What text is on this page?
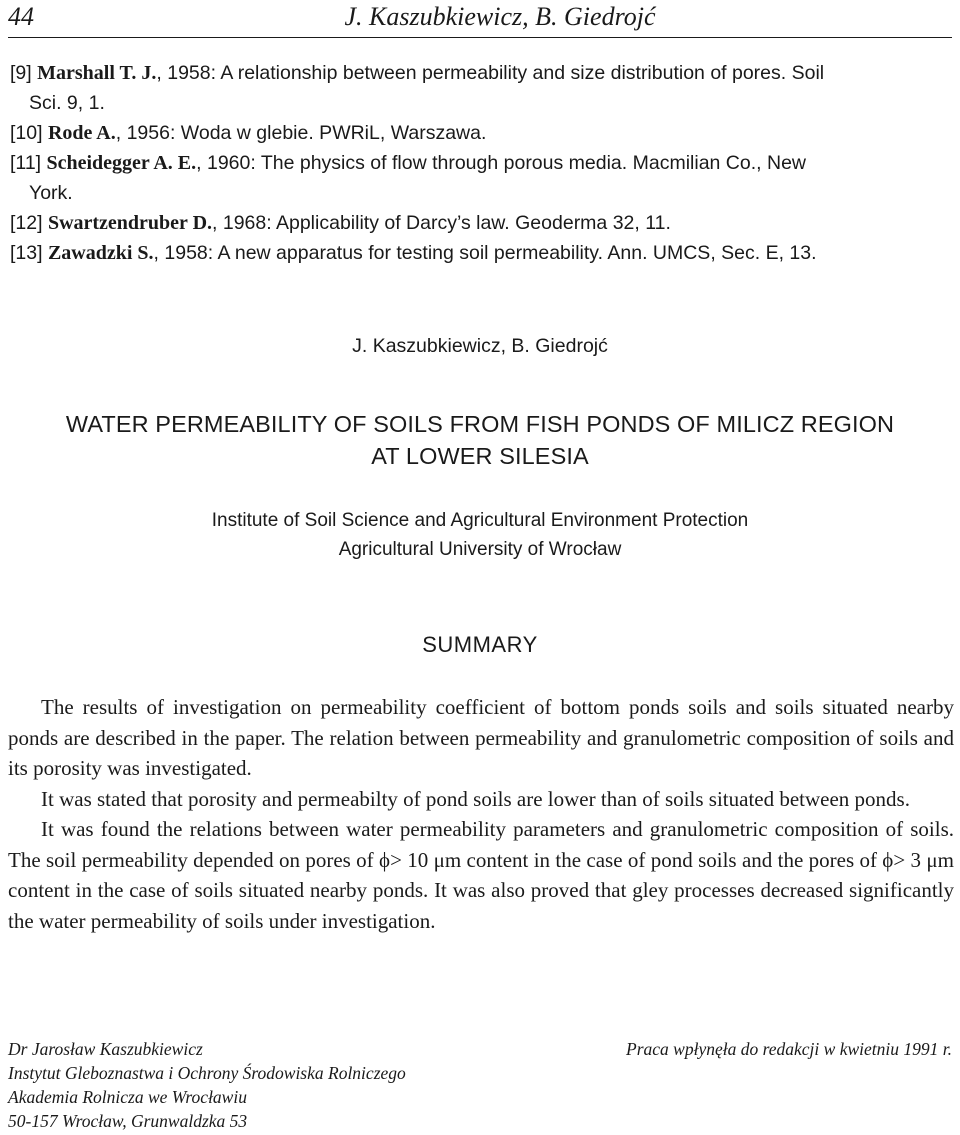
44	J. Kaszubkiewicz, B. Giedrojć
[9] Marshall T. J., 1958: A relationship between permeability and size distribution of pores. Soil
Sci. 9, 1.
[10] Rode A., 1956: Woda w glebie. PWRiL, Warszawa.
[11] Scheidegger A. E., 1960: The physics of flow through porous media. Macmilian Co., New
York.
[12] Swartzendruber D., 1968: Applicability of Darcy’s law. Geoderma 32, 11.
[13] Zawadzki S., 1958: A new apparatus for testing soil permeability. Ann. UMCS, Sec. E, 13.
J. Kaszubkiewicz, B. Giedrojć
WATER PERMEABILITY OF SOILS FROM FISH PONDS OF MILICZ REGION
AT LOWER SILESIA
Institute of Soil Science and Agricultural Environment Protection
Agricultural University of Wrocław
SUMMARY

The results of investigation on permeability coefficient of bottom ponds soils and soils situated nearby ponds are described in the paper. The relation between permeability and granulometric composition of soils and its porosity was investigated.

It was stated that porosity and permeabilty of pond soils are lower than of soils situated between ponds.

It was found the relations between water permeability parameters and granulometric composition of soils. The soil permeability depended on pores of ϕ> 10 μm content in the case of pond soils and the pores of ϕ> 3 μm content in the case of soils situated nearby ponds. It was also proved that gley processes decreased significantly the water permeability of soils under investigation.

Dr Jarosław Kaszubkiewicz
Instytut Gleboznastwa i Ochrony Środowiska Rolniczego
Akademia Rolnicza we Wrocławiu
50-157 Wrocław, Grunwaldzka 53
Praca wpłynęła do redakcji w kwietniu 1991 r.
